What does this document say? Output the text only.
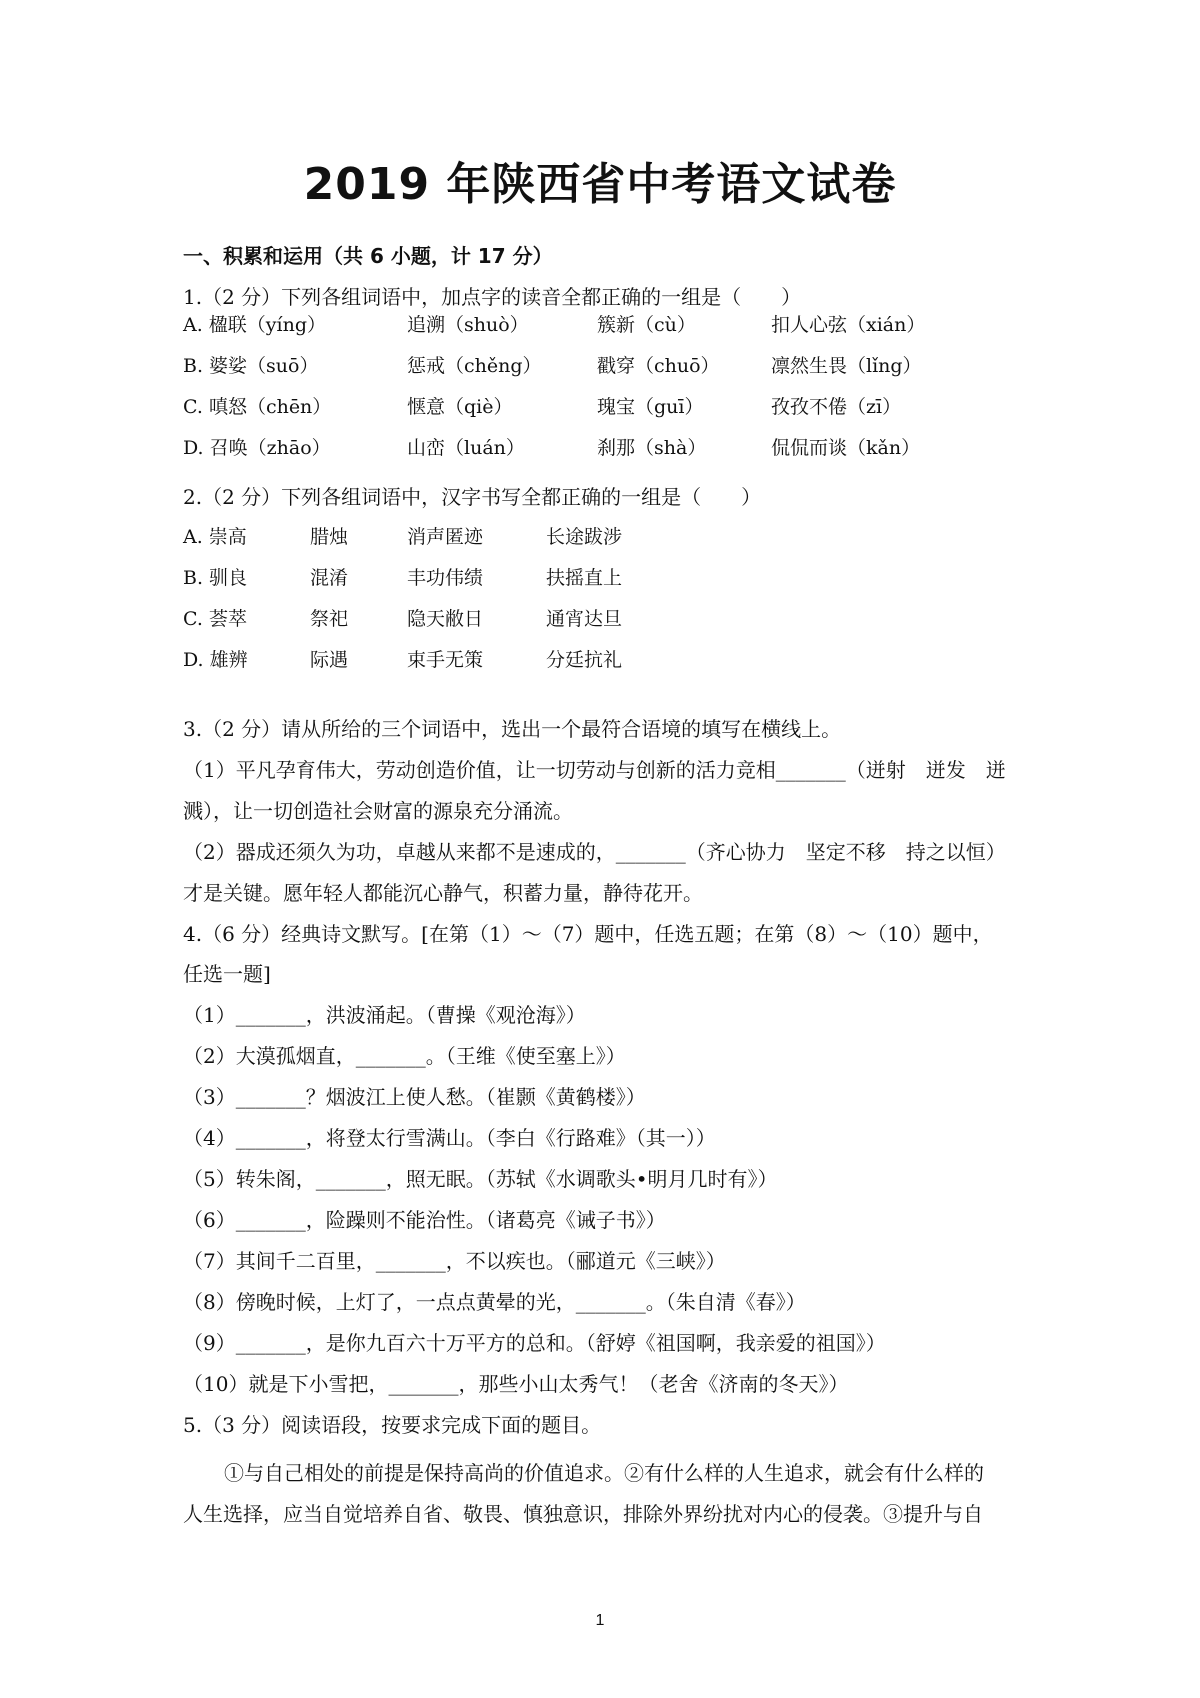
2019 年陕西省中考语文试卷
一、积累和运用（共 6 小题，计 17 分）
1.（2 分）下列各组词语中，加点字的读音全都正确的一组是（　　）
A. 楹联（yíng）	追溯（shuò）	簇新（cù）	扣人心弦（xián）
B. 婆娑（suō）	惩戒（chěng）	戳穿（chuō）	凛然生畏（lǐng）
C. 嗔怒（chēn）	惬意（qiè）	瑰宝（guī）	孜孜不倦（zī）
D. 召唤（zhāo）	山峦（luán）	刹那（shà）	侃侃而谈（kǎn）
2.（2 分）下列各组词语中，汉字书写全都正确的一组是（　　）
A. 崇高	腊烛	消声匿迹	长途跋涉
B. 驯良	混淆	丰功伟绩	扶摇直上
C. 荟萃	祭祀	隐天敝日	通宵达旦
D. 雄辨	际遇	束手无策	分廷抗礼
3.（2 分）请从所给的三个词语中，选出一个最符合语境的填写在横线上。
（1）平凡孕育伟大，劳动创造价值，让一切劳动与创新的活力竞相_______（迸射　迸发　迸
溅），让一切创造社会财富的源泉充分涌流。
（2）器成还须久为功，卓越从来都不是速成的，_______（齐心协力　坚定不移　持之以恒）
才是关键。愿年轻人都能沉心静气，积蓄力量，静待花开。
4.（6 分）经典诗文默写。[在第（1）～（7）题中，任选五题；在第（8）～（10）题中，
任选一题]
（1）_______，洪波涌起。（曹操《观沧海》）
（2）大漠孤烟直，_______。（王维《使至塞上》）
（3）_______？烟波江上使人愁。（崔颢《黄鹤楼》）
（4）_______，将登太行雪满山。（李白《行路难》（其一））
（5）转朱阁，_______，照无眠。（苏轼《水调歌头•明月几时有》）
（6）_______，险躁则不能治性。（诸葛亮《诫子书》）
（7）其间千二百里，_______，不以疾也。（郦道元《三峡》）
（8）傍晚时候，上灯了，一点点黄晕的光，_______。（朱自清《春》）
（9）_______，是你九百六十万平方的总和。（舒婷《祖国啊，我亲爱的祖国》）
（10）就是下小雪把，_______，那些小山太秀气！（老舍《济南的冬天》）
5.（3 分）阅读语段，按要求完成下面的题目。
①与自己相处的前提是保持高尚的价值追求。②有什么样的人生追求，就会有什么样的
人生选择，应当自觉培养自省、敬畏、慎独意识，排除外界纷扰对内心的侵袭。③提升与自
1
